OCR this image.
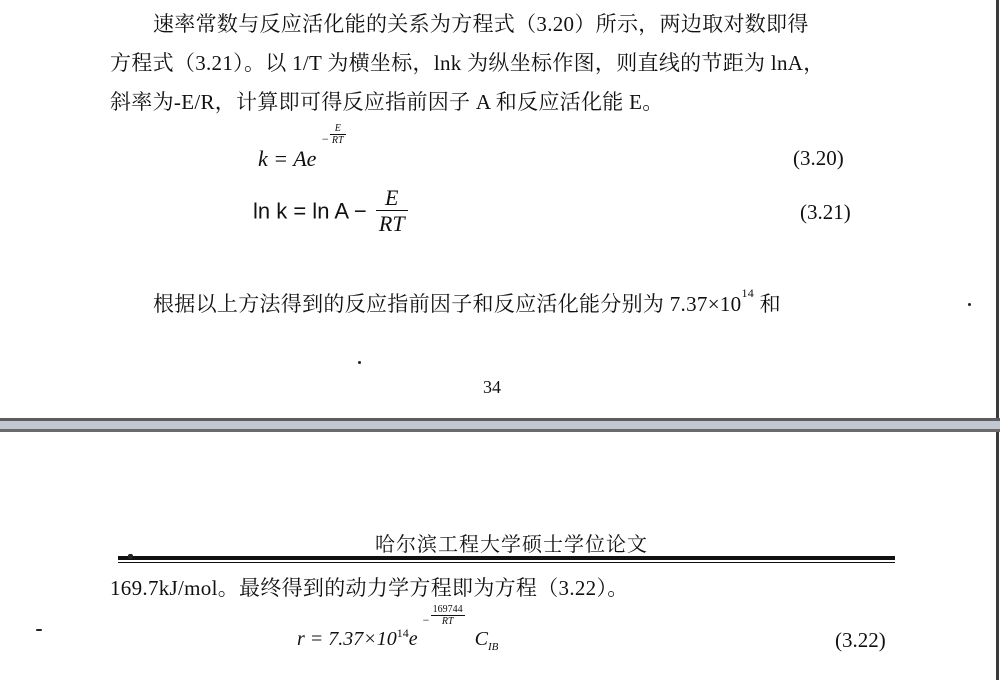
速率常数与反应活化能的关系为方程式（3.20）所示，两边取对数即得
方程式（3.21）。以 1/T 为横坐标，lnk 为纵坐标作图，则直线的节距为 lnA，
斜率为-E/R，计算即可得反应指前因子 A 和反应活化能 E。
k = Ae
− $\frac{E}{RT}$
(3.20)
$\ln k = \ln A - \frac{E}{RT}$	(3.21)
根据以上方法得到的反应指前因子和反应活化能分别为 $7.37\times 10^{14}$ 和
34
哈尔滨工程大学硕士学位论文
169.7kJ/mol。最终得到的动力学方程即为方程（3.22）。
$r = 7.37\times 10^{14}e$
− $\frac{169744}{RT}$
$C_{IB}$	(3.22)
